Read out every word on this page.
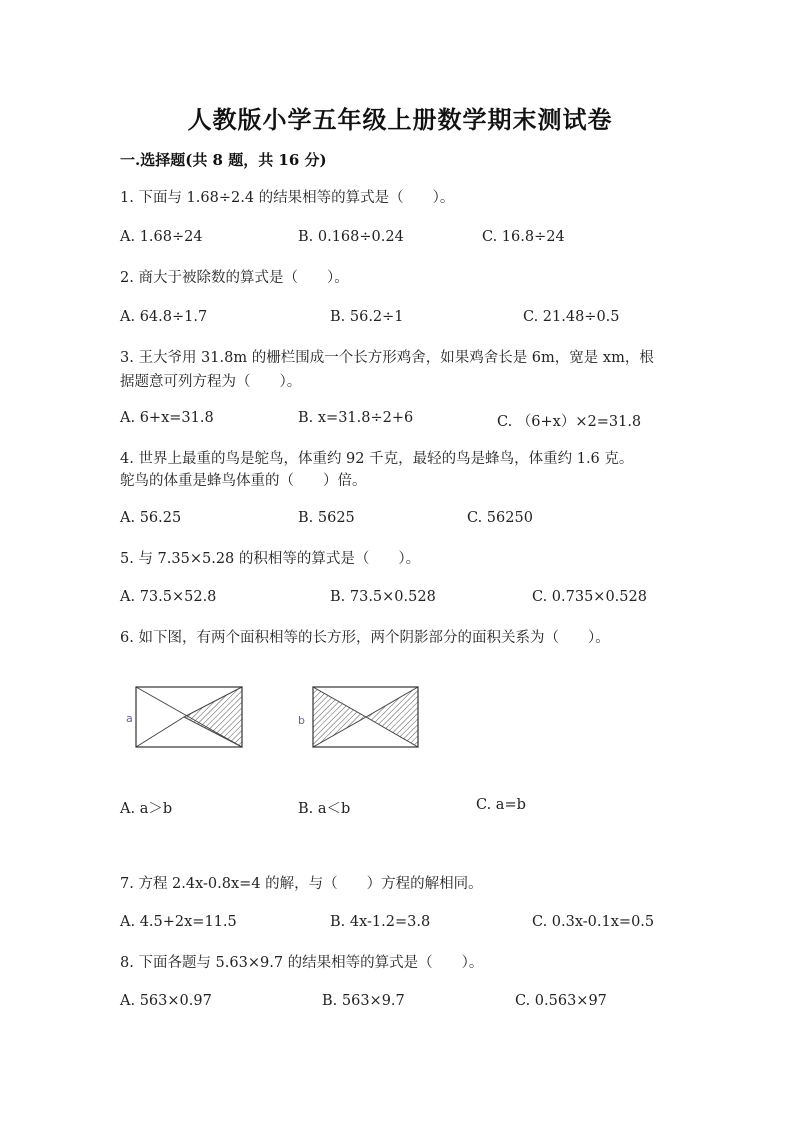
人教版小学五年级上册数学期末测试卷
一.选择题(共 8 题，共 16 分)
1. 下面与 1.68÷2.4 的结果相等的算式是（　　）。
A. 1.68÷24	B. 0.168÷0.24	C. 16.8÷24
2. 商大于被除数的算式是（　　）。
A. 64.8÷1.7	B. 56.2÷1	C. 21.48÷0.5
3. 王大爷用 31.8m 的栅栏围成一个长方形鸡舍，如果鸡舍长是 6m，宽是 xm，根
据题意可列方程为（　　）。
A. 6+x=31.8	B. x=31.8÷2+6	C. （6+x）×2=31.8
4. 世界上最重的鸟是鸵鸟，体重约 92 千克，最轻的鸟是蜂鸟，体重约 1.6 克。
鸵鸟的体重是蜂鸟体重的（　　）倍。
A. 56.25	B. 5625	C. 56250
5. 与 7.35×5.28 的积相等的算式是（　　）。
A. 73.5×52.8	B. 73.5×0.528	C. 0.735×0.528
6. 如下图，有两个面积相等的长方形，两个阴影部分的面积关系为（　　）。
a	b
A. a＞b	B. a＜b	C. a=b
7. 方程 2.4x-0.8x=4 的解，与（　　）方程的解相同。
A. 4.5+2x=11.5	B. 4x-1.2=3.8	C. 0.3x-0.1x=0.5
8. 下面各题与 5.63×9.7 的结果相等的算式是（　　）。
A. 563×0.97	B. 563×9.7	C. 0.563×97
